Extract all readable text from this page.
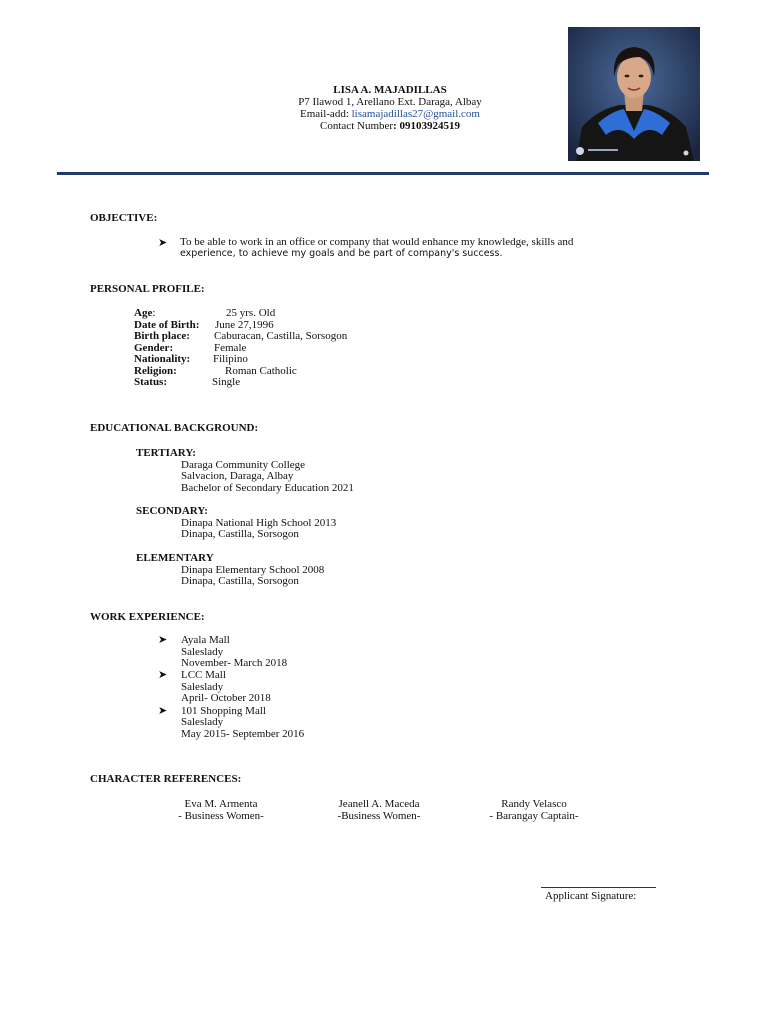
LISA A. MAJADILLAS
P7 Ilawod 1, Arellano Ext. Daraga, Albay
Email-add: lisamajadillas27@gmail.com
Contact Number: 09103924519
OBJECTIVE:
➤ To be able to work in an office or company that would enhance my knowledge, skills and
experience, to achieve my goals and be part of company's success.
PERSONAL PROFILE:
Age:	25 yrs. Old
Date of Birth: June 27,1996
Birth place: Caburacan, Castilla, Sorsogon
Gender:	Female
Nationality: Filipino
Religion:	Roman Catholic
Status:	Single
EDUCATIONAL BACKGROUND:
TERTIARY:
Daraga Community College
Salvacion, Daraga, Albay
Bachelor of Secondary Education 2021
SECONDARY:
Dinapa National High School 2013
Dinapa, Castilla, Sorsogon
ELEMENTARY
Dinapa Elementary School 2008
Dinapa, Castilla, Sorsogon
WORK EXPERIENCE:
➤ Ayala Mall
Saleslady
November- March 2018
➤ LCC Mall
Saleslady
April- October 2018
➤ 101 Shopping Mall
Saleslady
May 2015- September 2016
CHARACTER REFERENCES:
Eva M. Armenta
- Business Women-
Jeanell A. Maceda
-Business Women-
Randy Velasco
- Barangay Captain-
Applicant Signature:
